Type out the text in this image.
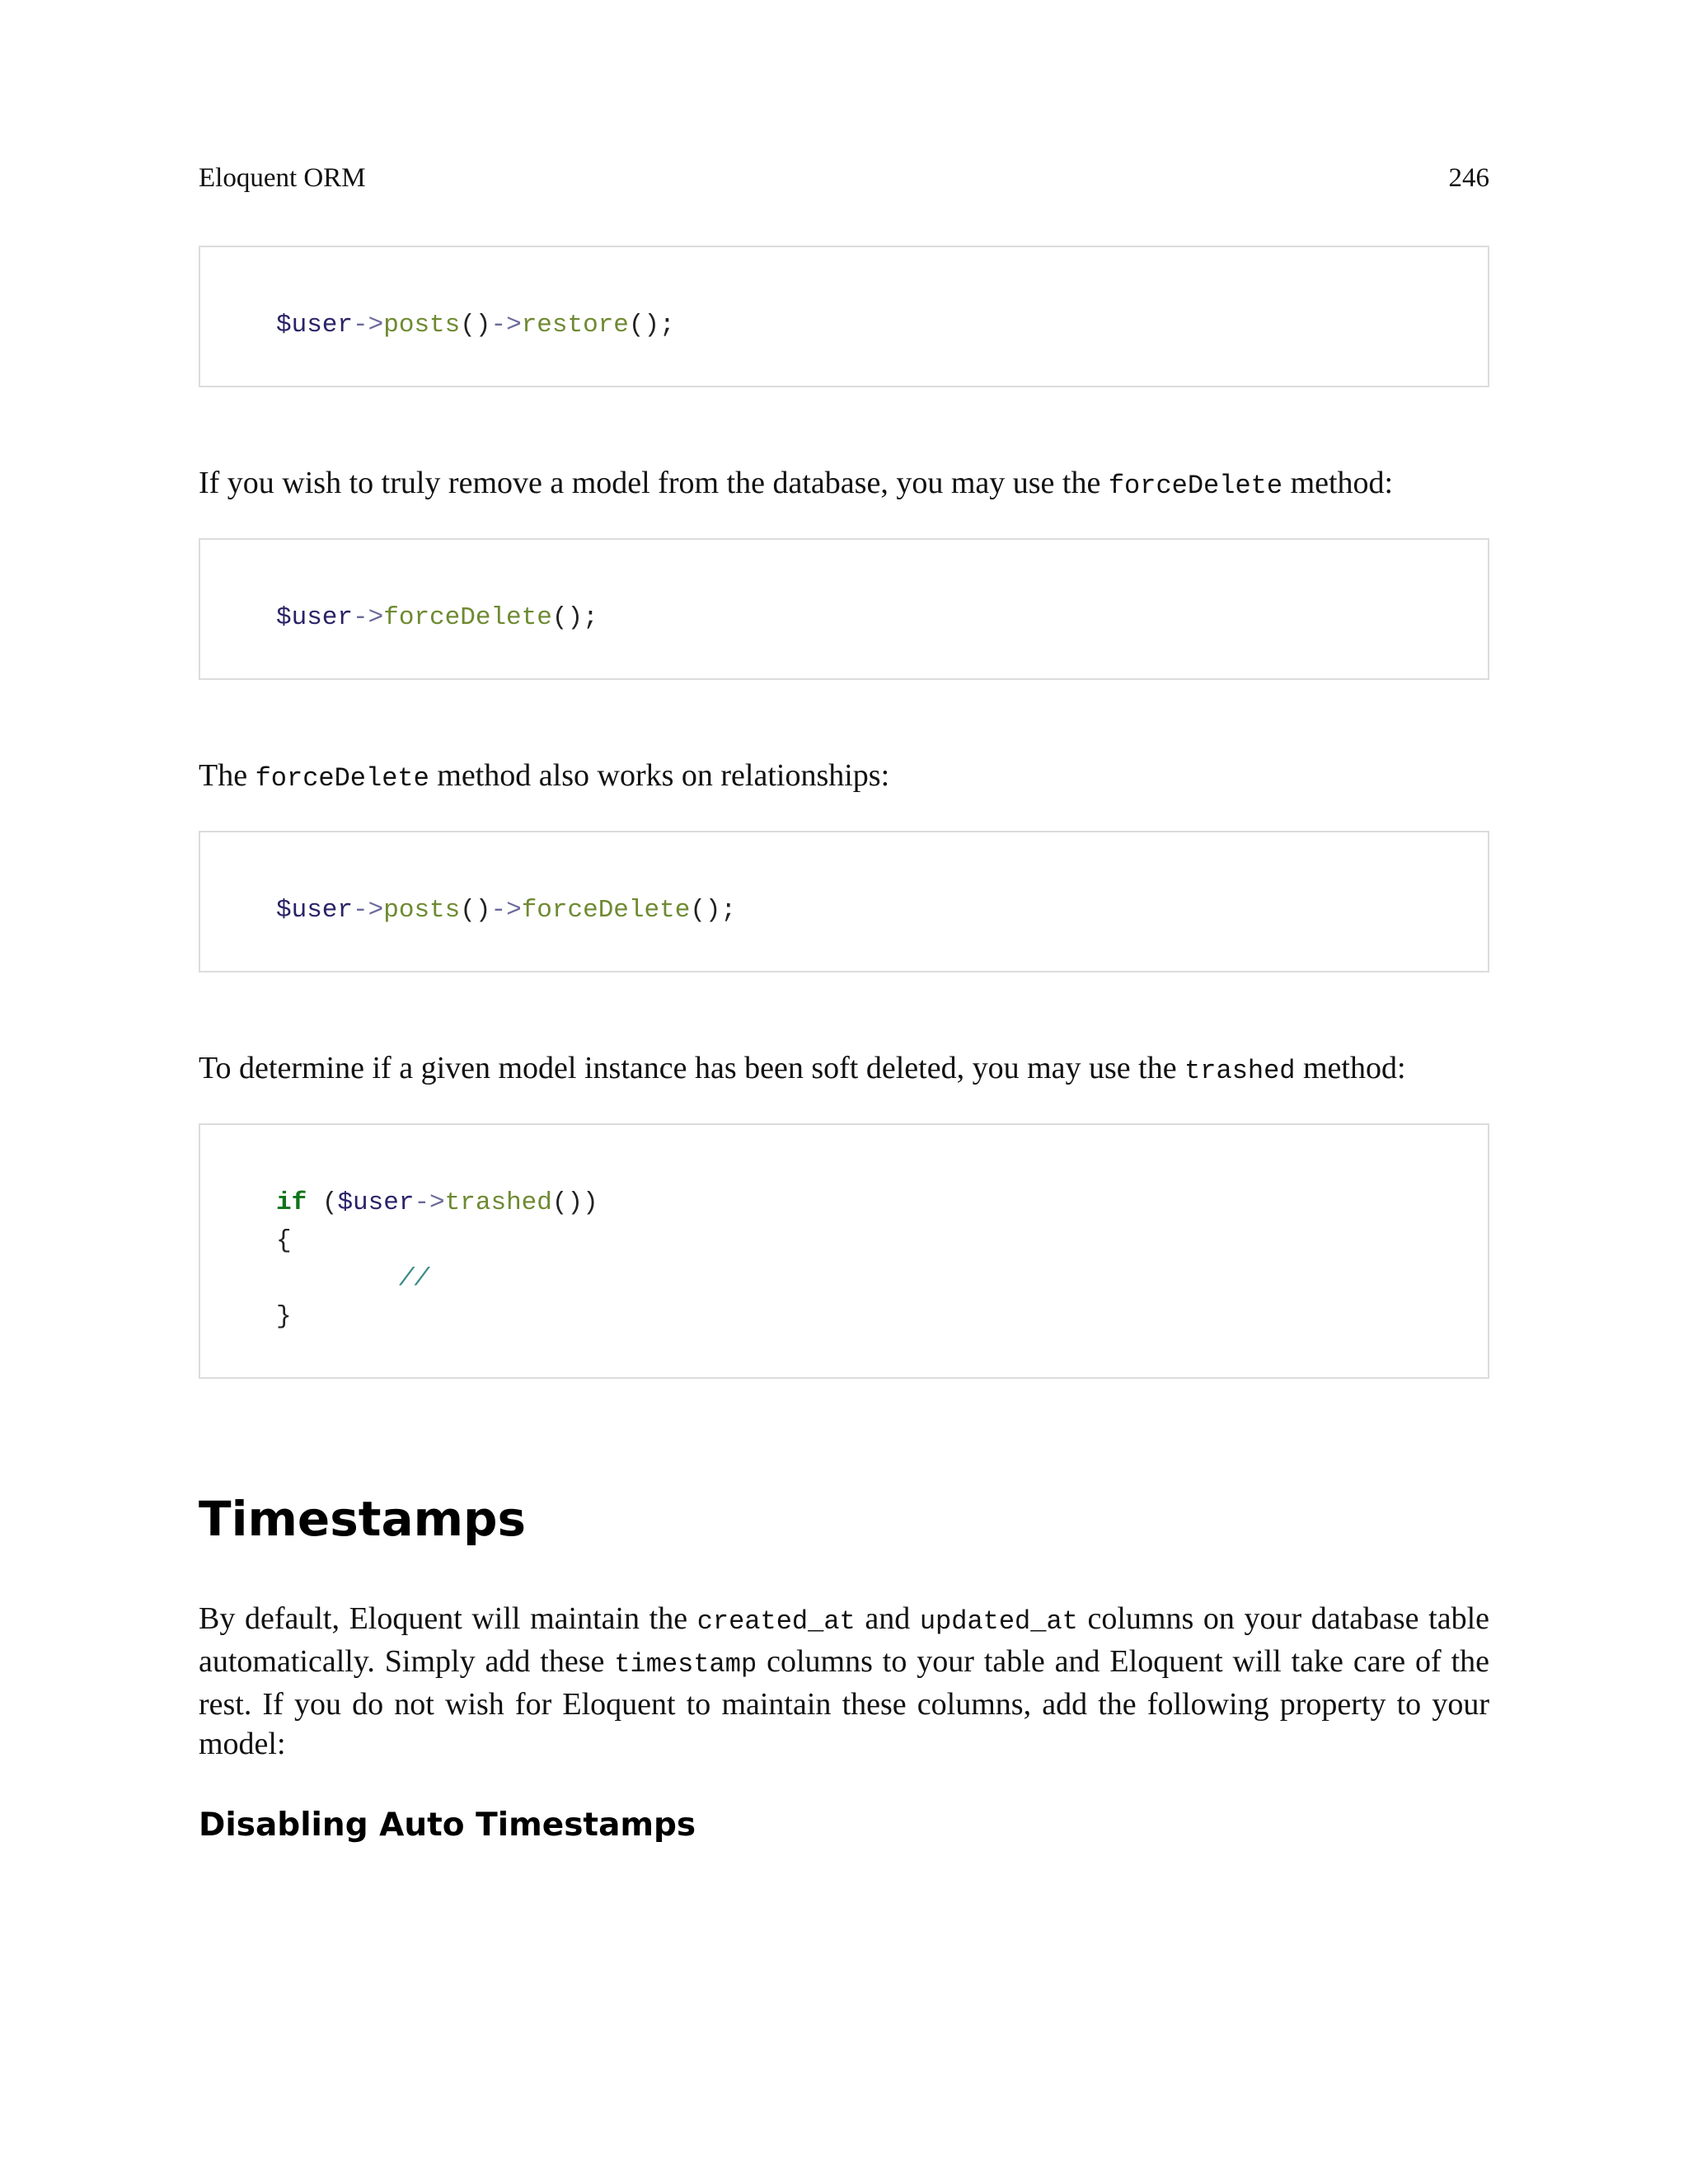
Eloquent ORM	246
$user->posts()->restore();

If you wish to truly remove a model from the database, you may use the forceDelete method:

$user->forceDelete();

The forceDelete method also works on relationships:

$user->posts()->forceDelete();

To determine if a given model instance has been soft deleted, you may use the trashed method:

if ($user->trashed())
{
//
}
Timestamps

By default, Eloquent will maintain the created_at and updated_at columns on your database table automatically. Simply add these timestamp columns to your table and Eloquent will take care of the rest. If you do not wish for Eloquent to maintain these columns, add the following property to your model:

Disabling Auto Timestamps
